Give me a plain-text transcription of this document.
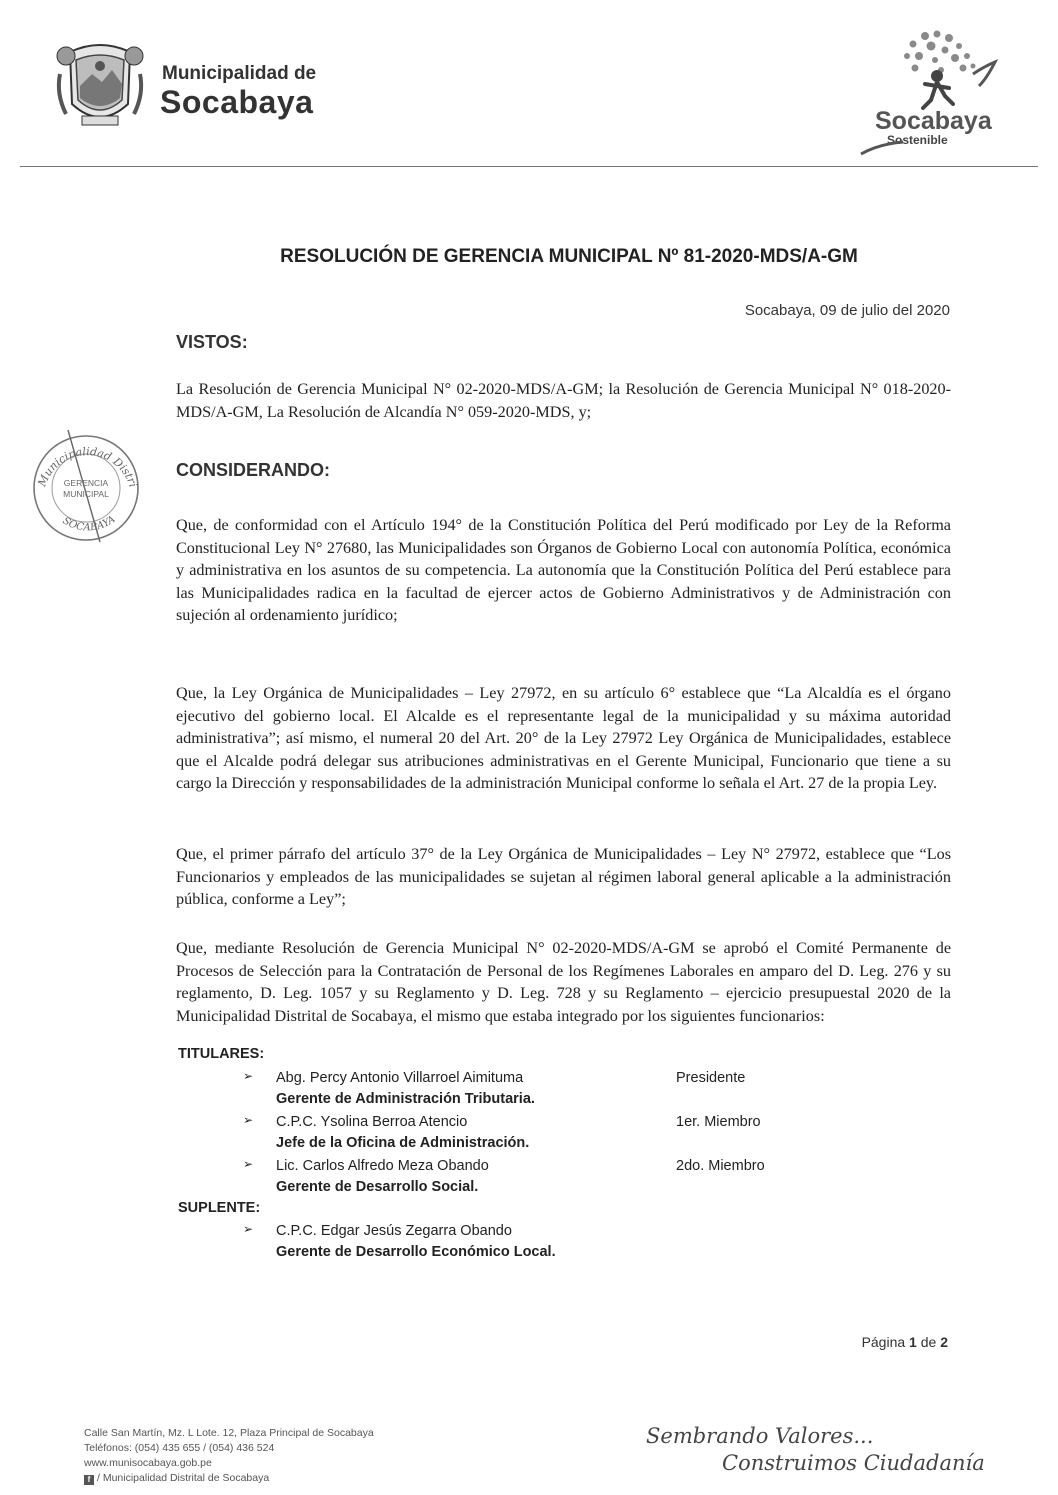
Municipalidad de
Socabaya
Socabaya
Sostenible
RESOLUCIÓN DE GERENCIA MUNICIPAL Nº 81-2020-MDS/A-GM
Socabaya, 09 de julio del 2020
VISTOS:
La Resolución de Gerencia Municipal N° 02-2020-MDS/A-GM; la Resolución de Gerencia Municipal N° 018-2020-MDS/A-GM, La Resolución de Alcandía N° 059-2020-MDS, y;
Municipalidad Distri
GERENCIA
MUNICIPAL
SOCABAYA
CONSIDERANDO:
Que, de conformidad con el Artículo 194° de la Constitución Política del Perú modificado por Ley de la Reforma Constitucional Ley N° 27680, las Municipalidades son Órganos de Gobierno Local con autonomía Política, económica y administrativa en los asuntos de su competencia. La autonomía que la Constitución Política del Perú establece para las Municipalidades radica en la facultad de ejercer actos de Gobierno Administrativos y de Administración con sujeción al ordenamiento jurídico;
Que, la Ley Orgánica de Municipalidades – Ley 27972, en su artículo 6° establece que “La Alcaldía es el órgano ejecutivo del gobierno local. El Alcalde es el representante legal de la municipalidad y su máxima autoridad administrativa”; así mismo, el numeral 20 del Art. 20° de la Ley 27972 Ley Orgánica de Municipalidades, establece que el Alcalde podrá delegar sus atribuciones administrativas en el Gerente Municipal, Funcionario que tiene a su cargo la Dirección y responsabilidades de la administración Municipal conforme lo señala el Art. 27 de la propia Ley.
Que, el primer párrafo del artículo 37° de la Ley Orgánica de Municipalidades – Ley N° 27972, establece que “Los Funcionarios y empleados de las municipalidades se sujetan al régimen laboral general aplicable a la administración pública, conforme a Ley”;
Que, mediante Resolución de Gerencia Municipal N° 02-2020-MDS/A-GM se aprobó el Comité Permanente de Procesos de Selección para la Contratación de Personal de los Regímenes Laborales en amparo del D. Leg. 276 y su reglamento, D. Leg. 1057 y su Reglamento y D. Leg. 728 y su Reglamento – ejercicio presupuestal 2020 de la Municipalidad Distrital de Socabaya, el mismo que estaba integrado por los siguientes funcionarios:
TITULARES:
➢ Abg. Percy Antonio Villarroel Aimituma
Gerente de Administración Tributaria.
Presidente
➢ C.P.C. Ysolina Berroa Atencio
Jefe de la Oficina de Administración.
1er. Miembro
➢ Lic. Carlos Alfredo Meza Obando
Gerente de Desarrollo Social.
2do. Miembro
SUPLENTE:
➢ C.P.C. Edgar Jesús Zegarra Obando
Gerente de Desarrollo Económico Local.
Página 1 de 2
Calle San Martín, Mz. L Lote. 12, Plaza Principal de Socabaya
Teléfonos: (054) 435 655 / (054) 436 524
www.munisocabaya.gob.pe
f / Municipalidad Distrital de Socabaya
Sembrando Valores...
Construimos Ciudadanía
